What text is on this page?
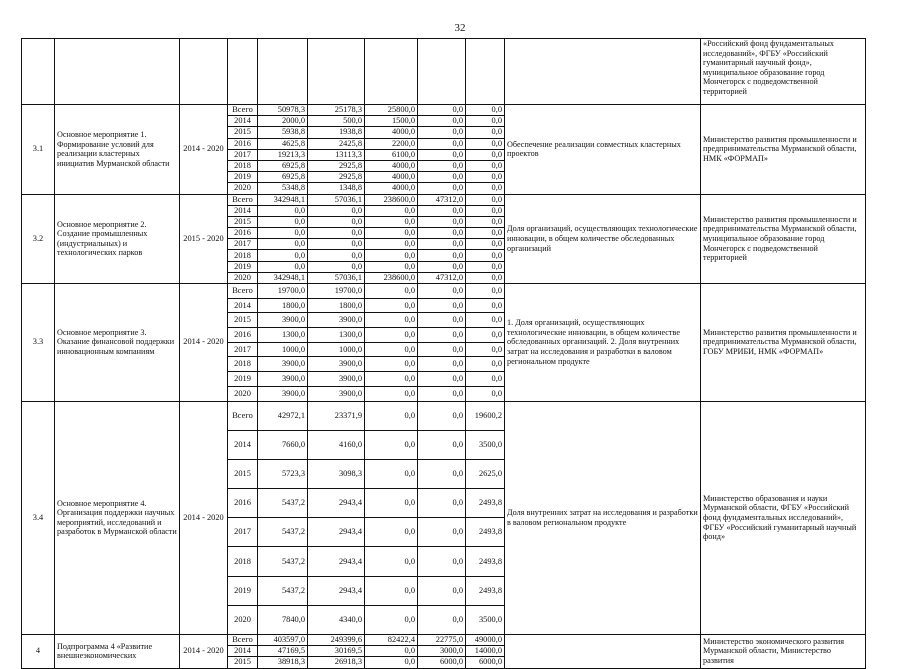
32
										«Российский фонд фундаментальных исследований», ФГБУ «Российский гуманитарный научный фонд», муниципальное образование город Мончегорск с подведомственной территорией
3.1	Основное мероприятие 1. Формирование условий для реализации кластерных инициатив Мурманской области	2014 - 2020	Всего	50978,3	25178,3	25800,0	0,0	0,0	Обеспечение реализации совместных кластерных проектов	Министерство развития промышленности и предпринимательства Мурманской области, НМК «ФОРМАП»
			2014	2000,0	500,0	1500,0	0,0	0,0		
			2015	5938,8	1938,8	4000,0	0,0	0,0		
			2016	4625,8	2425,8	2200,0	0,0	0,0		
			2017	19213,3	13113,3	6100,0	0,0	0,0		
			2018	6925,8	2925,8	4000,0	0,0	0,0		
			2019	6925,8	2925,8	4000,0	0,0	0,0		
			2020	5348,8	1348,8	4000,0	0,0	0,0		
3.2	Основное мероприятие 2. Создание промышленных (индустриальных) и технологических парков	2015 - 2020	Всего	342948,1	57036,1	238600,0	47312,0	0,0	Доля организаций, осуществляющих технологические инновации, в общем количестве обследованных организаций	Министерство развития промышленности и предпринимательства Мурманской области, муниципальное образование город Мончегорск с подведомственной территорией
			2014	0,0	0,0	0,0	0,0	0,0		
			2015	0,0	0,0	0,0	0,0	0,0		
			2016	0,0	0,0	0,0	0,0	0,0		
			2017	0,0	0,0	0,0	0,0	0,0		
			2018	0,0	0,0	0,0	0,0	0,0		
			2019	0,0	0,0	0,0	0,0	0,0		
			2020	342948,1	57036,1	238600,0	47312,0	0,0		
3.3	Основное мероприятие 3. Оказание финансовой поддержки инновационным компаниям	2014 - 2020	Всего	19700,0	19700,0	0,0	0,0	0,0	1. Доля организаций, осуществляющих технологические инновации, в общем количестве обследованных организаций. 2. Доля внутренних затрат на исследования и разработки в валовом региональном продукте	Министерство развития промышленности и предпринимательства Мурманской области, ГОБУ МРИБИ, НМК «ФОРМАП»
			2014	1800,0	1800,0	0,0	0,0	0,0		
			2015	3900,0	3900,0	0,0	0,0	0,0		
			2016	1300,0	1300,0	0,0	0,0	0,0		
			2017	1000,0	1000,0	0,0	0,0	0,0		
			2018	3900,0	3900,0	0,0	0,0	0,0		
			2019	3900,0	3900,0	0,0	0,0	0,0		
			2020	3900,0	3900,0	0,0	0,0	0,0		
3.4	Основное мероприятие 4. Организация поддержки научных мероприятий, исследований и разработок в Мурманской области	2014 - 2020	Всего	42972,1	23371,9	0,0	0,0	19600,2	Доля внутренних затрат на исследования и разработки в валовом региональном продукте	Министерство образования и науки Мурманской области, ФГБУ «Российский фонд фундаментальных исследований», ФГБУ «Российский гуманитарный научный фонд»
			2014	7660,0	4160,0	0,0	0,0	3500,0		
			2015	5723,3	3098,3	0,0	0,0	2625,0		
			2016	5437,2	2943,4	0,0	0,0	2493,8		
			2017	5437,2	2943,4	0,0	0,0	2493,8		
			2018	5437,2	2943,4	0,0	0,0	2493,8		
			2019	5437,2	2943,4	0,0	0,0	2493,8		
			2020	7840,0	4340,0	0,0	0,0	3500,0		
4	Подпрограмма 4 «Развитие внешнеэкономических	2014 - 2020	Всего	403597,0	249399,6	82422,4	22775,0	49000,0		Министерство экономического развития Мурманской области, Министерство развития
			2014	47169,5	30169,5	0,0	3000,0	14000,0		
			2015	38918,3	26918,3	0,0	6000,0	6000,0		
